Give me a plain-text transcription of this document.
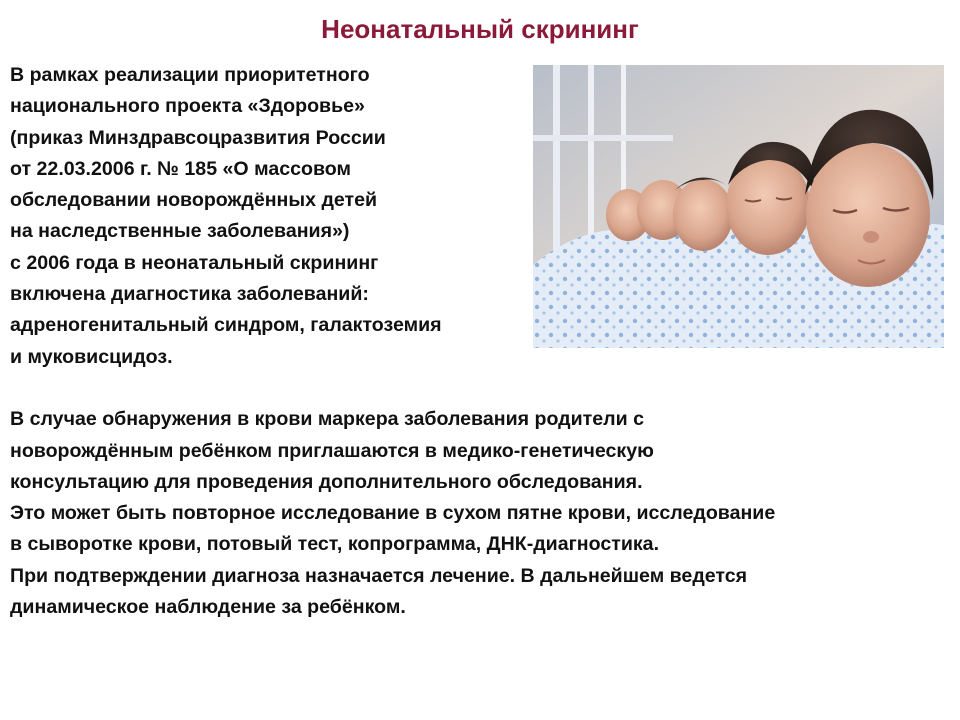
Неонатальный скрининг
В рамках реализации приоритетного
национального проекта «Здоровье»
(приказ Минздравсоцразвития России
от 22.03.2006 г. № 185 «О массовом
обследовании новорождённых детей
на наследственные заболевания»)
с 2006 года в неонатальный скрининг
включена диагностика заболеваний:
адреногенитальный синдром, галактоземия
и муковисцидоз.
В случае обнаружения в крови маркера заболевания родители с
новорождённым ребёнком приглашаются в медико-генетическую
консультацию для проведения дополнительного обследования.
Это может быть повторное исследование в сухом пятне крови, исследование
в сыворотке крови, потовый тест, копрограмма, ДНК-диагностика.
При подтверждении диагноза назначается лечение. В дальнейшем ведется
динамическое наблюдение за ребёнком.
